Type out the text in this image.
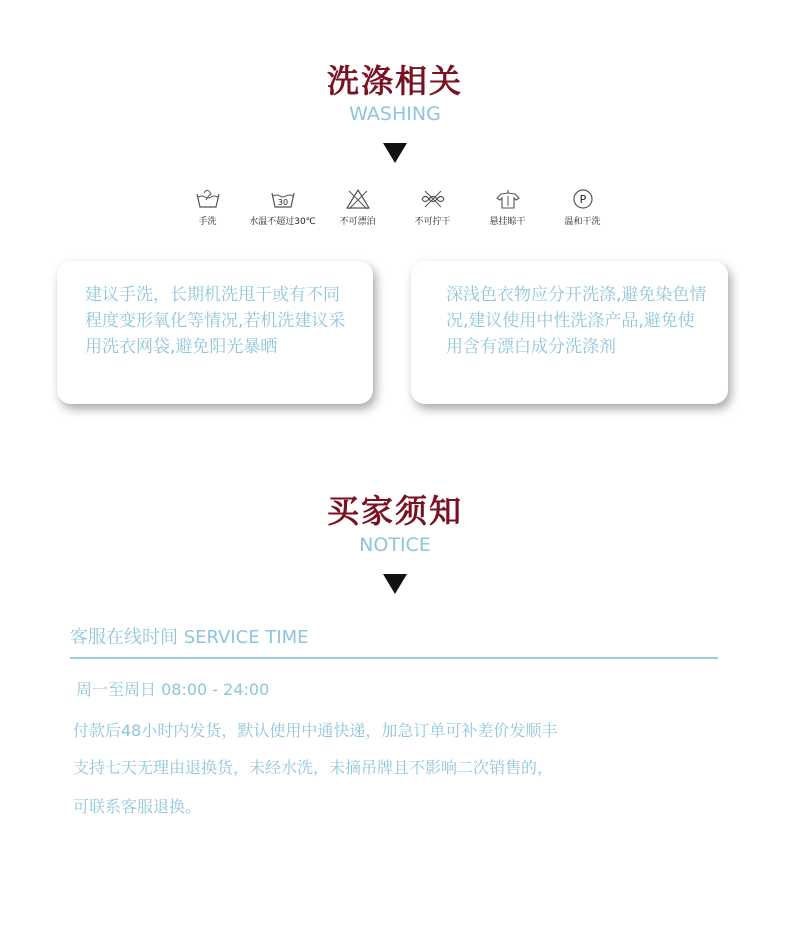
洗涤相关
WASHING
手洗
30
水温不超过30℃	不可漂泊	不可拧干	悬挂晾干
P
温和干洗
建议手洗，长期机洗甩干或有不同程度变形氧化等情况,若机洗建议采用洗衣网袋,避免阳光暴晒
深浅色衣物应分开洗涤,避免染色情况,建议使用中性洗涤产品,避免使用含有漂白成分洗涤剂
买家须知
NOTICE
客服在线时间 SERVICE TIME
周一至周日 08:00 - 24:00
付款后48小时内发货，默认使用中通快递，加急订单可补差价发顺丰
支持七天无理由退换货，未经水洗，未摘吊牌且不影响二次销售的，
可联系客服退换。
